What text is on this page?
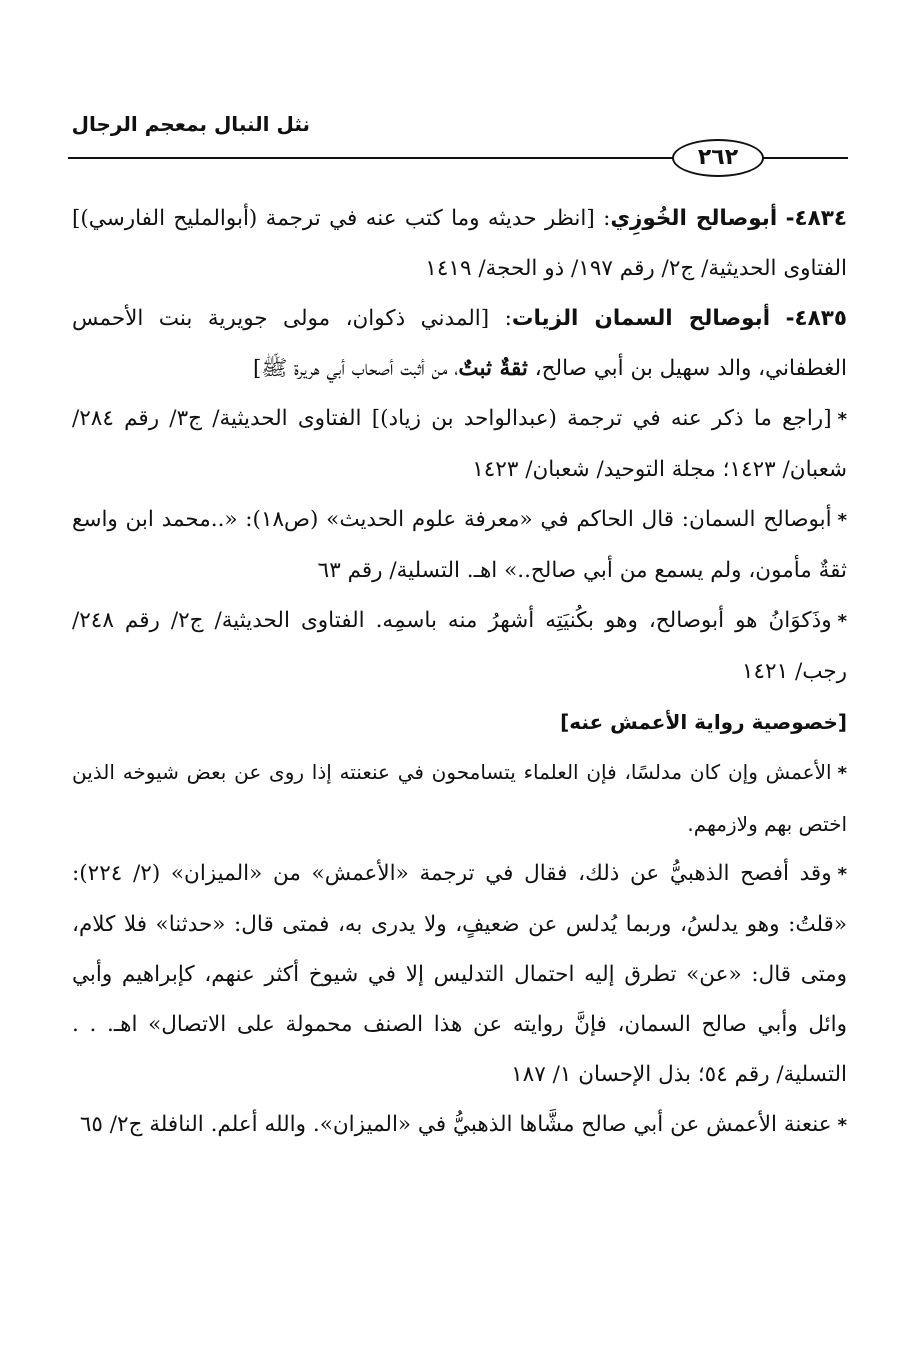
نثل النبال بمعجم الرجال
٢٦٢

٤٨٣٤- أبوصالح الخُوزِي: [انظر حديثه وما كتب عنه في ترجمة (أبوالمليح الفارسي)] الفتاوى الحديثية/ ج٢/ رقم ١٩٧/ ذو الحجة/ ١٤١٩

٤٨٣٥- أبوصالح السمان الزيات: [المدني ذكوان، مولى جويرية بنت الأحمس الغطفاني، والد سهيل بن أبي صالح، ثقةٌ ثبتٌ، من أثبت أصحاب أبي هريرة ﷺ]

*[راجع ما ذكر عنه في ترجمة (عبدالواحد بن زياد)] الفتاوى الحديثية/ ج٣/ رقم ٢٨٤/ شعبان/ ١٤٢٣؛ مجلة التوحيد/ شعبان/ ١٤٢٣

*أبوصالح السمان: قال الحاكم في «معرفة علوم الحديث» (ص١٨): «..محمد ابن واسع ثقةٌ مأمون، ولم يسمع من أبي صالح..» اهـ. التسلية/ رقم ٦٣

*وذَكوَانُ هو أبوصالح، وهو بكُنيَتِه أشهرُ منه باسمِه. الفتاوى الحديثية/ ج٢/ رقم ٢٤٨/ رجب/ ١٤٢١

[خصوصية رواية الأعمش عنه]

*الأعمش وإن كان مدلسًا، فإن العلماء يتسامحون في عنعنته إذا روى عن بعض شيوخه الذين اختص بهم ولازمهم.

*وقد أفصح الذهبيُّ عن ذلك، فقال في ترجمة «الأعمش» من «الميزان» (٢/ ٢٢٤): «قلتُ: وهو يدلسُ، وربما يُدلس عن ضعيفٍ، ولا يدرى به، فمتى قال: «حدثنا» فلا كلام، ومتى قال: «عن» تطرق إليه احتمال التدليس إلا في شيوخ أكثر عنهم، كإبراهيم وأبي وائل وأبي صالح السمان، فإنَّ روايته عن هذا الصنف محمولة على الاتصال» اهـ. . . التسلية/ رقم ٥٤؛ بذل الإحسان ١/ ١٨٧

*عنعنة الأعمش عن أبي صالح مشَّاها الذهبيُّ في «الميزان». والله أعلم. النافلة ج٢/ ٦٥
